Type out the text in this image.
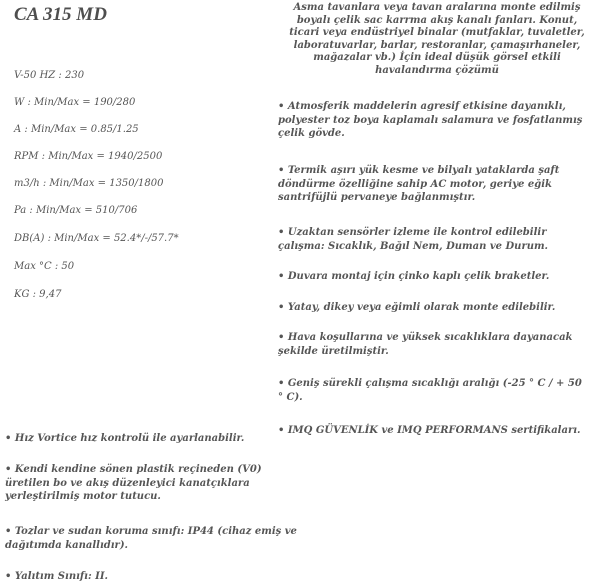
CA 315 MD
V-50 HZ : 230
W : Min/Max = 190/280
A : Min/Max = 0.85/1.25
RPM : Min/Max = 1940/2500
m3/h : Min/Max = 1350/1800
Pa : Min/Max = 510/706
DB(A) : Min/Max = 52.4*/-/57.7*
Max °C : 50
KG : 9,47
Asma tavanlara veya tavan aralarına monte edilmiş boyalı çelik sac karrma akış kanalı fanları. Konut, ticari veya endüstriyel binalar (mutfaklar, tuvaletler, laboratuvarlar, barlar, restoranlar, çamaşırhaneler, mağazalar vb.) İçin ideal düşük görsel etkili havalandırma çözümü
• Atmosferik maddelerin agresif etkisine dayanıklı, polyester toz boya kaplamalı salamura ve fosfatlanmış çelik gövde.
• Termik aşırı yük kesme ve bilyalı yataklarda şaft döndürme özelliğine sahip AC motor, geriye eğik santrifüjlü pervaneye bağlanmıştır.
• Uzaktan sensörler izleme ile kontrol edilebilir çalışma: Sıcaklık, Bağıl Nem, Duman ve Durum.
• Duvara montaj için çinko kaplı çelik braketler.
• Yatay, dikey veya eğimli olarak monte edilebilir.
• Hava koşullarına ve yüksek sıcaklıklara dayanacak şekilde üretilmiştir.
• Geniş sürekli çalışma sıcaklığı aralığı (-25 ° C / + 50 ° C).
• IMQ GÜVENLİK ve IMQ PERFORMANS sertifikaları.
• Hız Vortice hız kontrolü ile ayarlanabilir.
• Kendi kendine sönen plastik reçineden (V0) üretilen bo ve akış düzenleyici kanatçıklara yerleştirilmiş motor tutucu.
• Tozlar ve sudan koruma sınıfı: IP44 (cihaz emiş ve dağıtımda kanallıdır).
• Yalıtım Sınıfı: II.
